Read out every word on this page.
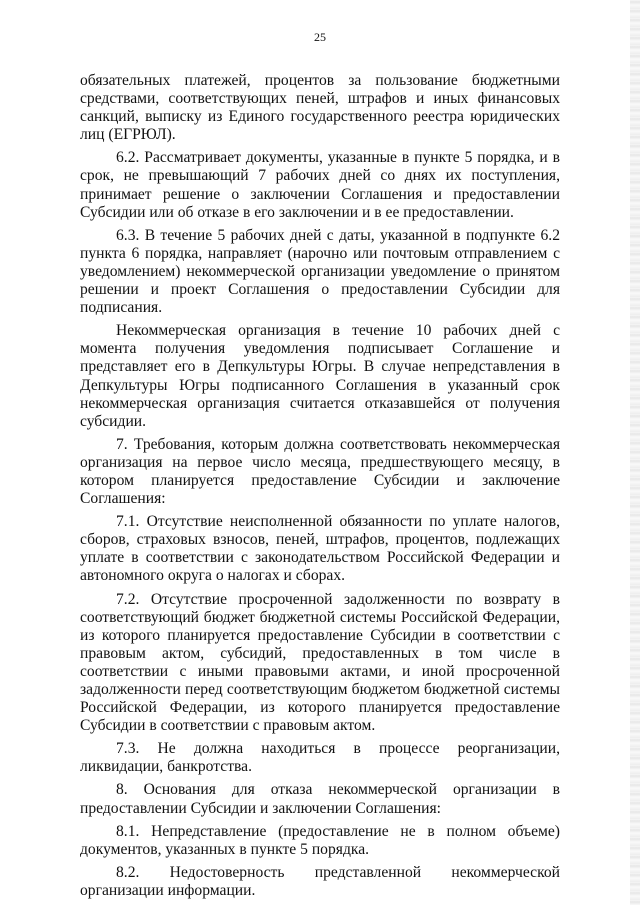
25

обязательных платежей, процентов за пользование бюджетными средствами, соответствующих пеней, штрафов и иных финансовых санкций, выписку из Единого государственного реестра юридических лиц (ЕГРЮЛ).

6.2. Рассматривает документы, указанные в пункте 5 порядка, и в срок, не превышающий 7 рабочих дней со днях их поступления, принимает решение о заключении Соглашения и предоставлении Субсидии или об отказе в его заключении и в ее предоставлении.

6.3. В течение 5 рабочих дней с даты, указанной в подпункте 6.2 пункта 6 порядка, направляет (нарочно или почтовым отправлением с уведомлением) некоммерческой организации уведомление о принятом решении и проект Соглашения о предоставлении Субсидии для подписания.

Некоммерческая организация в течение 10 рабочих дней с момента получения уведомления подписывает Соглашение и представляет его в Депкультуры Югры. В случае непредставления в Депкультуры Югры подписанного Соглашения в указанный срок некоммерческая организация считается отказавшейся от получения субсидии.

7. Требования, которым должна соответствовать некоммерческая организация на первое число месяца, предшествующего месяцу, в котором планируется предоставление Субсидии и заключение Соглашения:

7.1. Отсутствие неисполненной обязанности по уплате налогов, сборов, страховых взносов, пеней, штрафов, процентов, подлежащих уплате в соответствии с законодательством Российской Федерации и автономного округа о налогах и сборах.

7.2. Отсутствие просроченной задолженности по возврату в соответствующий бюджет бюджетной системы Российской Федерации, из которого планируется предоставление Субсидии в соответствии с правовым актом, субсидий, предоставленных в том числе в соответствии с иными правовыми актами, и иной просроченной задолженности перед соответствующим бюджетом бюджетной системы Российской Федерации, из которого планируется предоставление Субсидии в соответствии с правовым актом.

7.3. Не должна находиться в процессе реорганизации, ликвидации, банкротства.

8. Основания для отказа некоммерческой организации в предоставлении Субсидии и заключении Соглашения:

8.1. Непредставление (предоставление не в полном объеме) документов, указанных в пункте 5 порядка.

8.2. Недостоверность представленной некоммерческой организации информации.
